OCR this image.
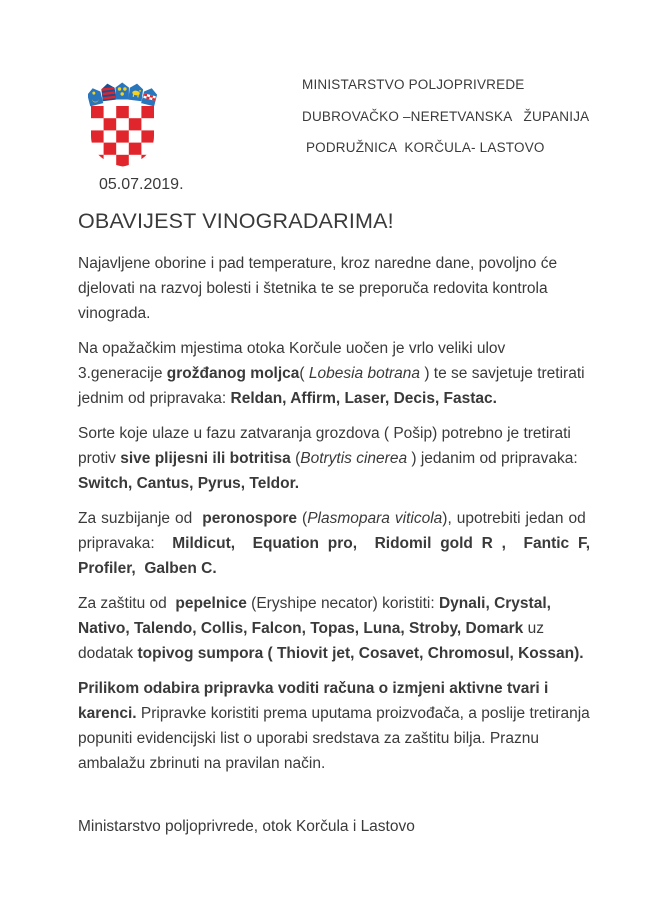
MINISTARSTVO POLJOPRIVREDE
DUBROVAČKO –NERETVANSKA   ŽUPANIJA
PODRUŽNICA  KORČULA- LASTOVO
05.07.2019.
OBAVIJEST VINOGRADARIMA!

Najavljene oborine i pad temperature, kroz naredne dane, povoljno će djelovati na razvoj bolesti i štetnika te se preporuča redovita kontrola vinograda.

Na opažačkim mjestima otoka Korčule uočen je vrlo veliki ulov 3.generacije grožđanog moljca( Lobesia botrana ) te se savjetuje tretirati jednim od pripravaka: Reldan, Affirm, Laser, Decis, Fastac.

Sorte koje ulaze u fazu zatvaranja grozdova ( Pošip) potrebno je tretirati protiv sive plijesni ili botritisa (Botrytis cinerea ) jedanim od pripravaka: Switch, Cantus, Pyrus, Teldor.

Za suzbijanje od  peronospore (Plasmopara viticola), upotrebiti jedan od  pripravaka:  Mildicut,  Equation pro,  Ridomil gold R ,  Fantic F, Profiler,  Galben C.

Za zaštitu od  pepelnice (Eryshipe necator) koristiti: Dynali, Crystal, Nativo, Talendo, Collis, Falcon, Topas, Luna, Stroby, Domark uz dodatak topivog sumpora ( Thiovit jet, Cosavet, Chromosul, Kossan).

Prilikom odabira pripravka voditi računa o izmjeni aktivne tvari i karenci. Pripravke koristiti prema uputama proizvođača, a poslije tretiranja popuniti evidencijski list o uporabi sredstava za zaštitu bilja. Praznu ambalažu zbrinuti na pravilan način.

Ministarstvo poljoprivrede, otok Korčula i Lastovo
